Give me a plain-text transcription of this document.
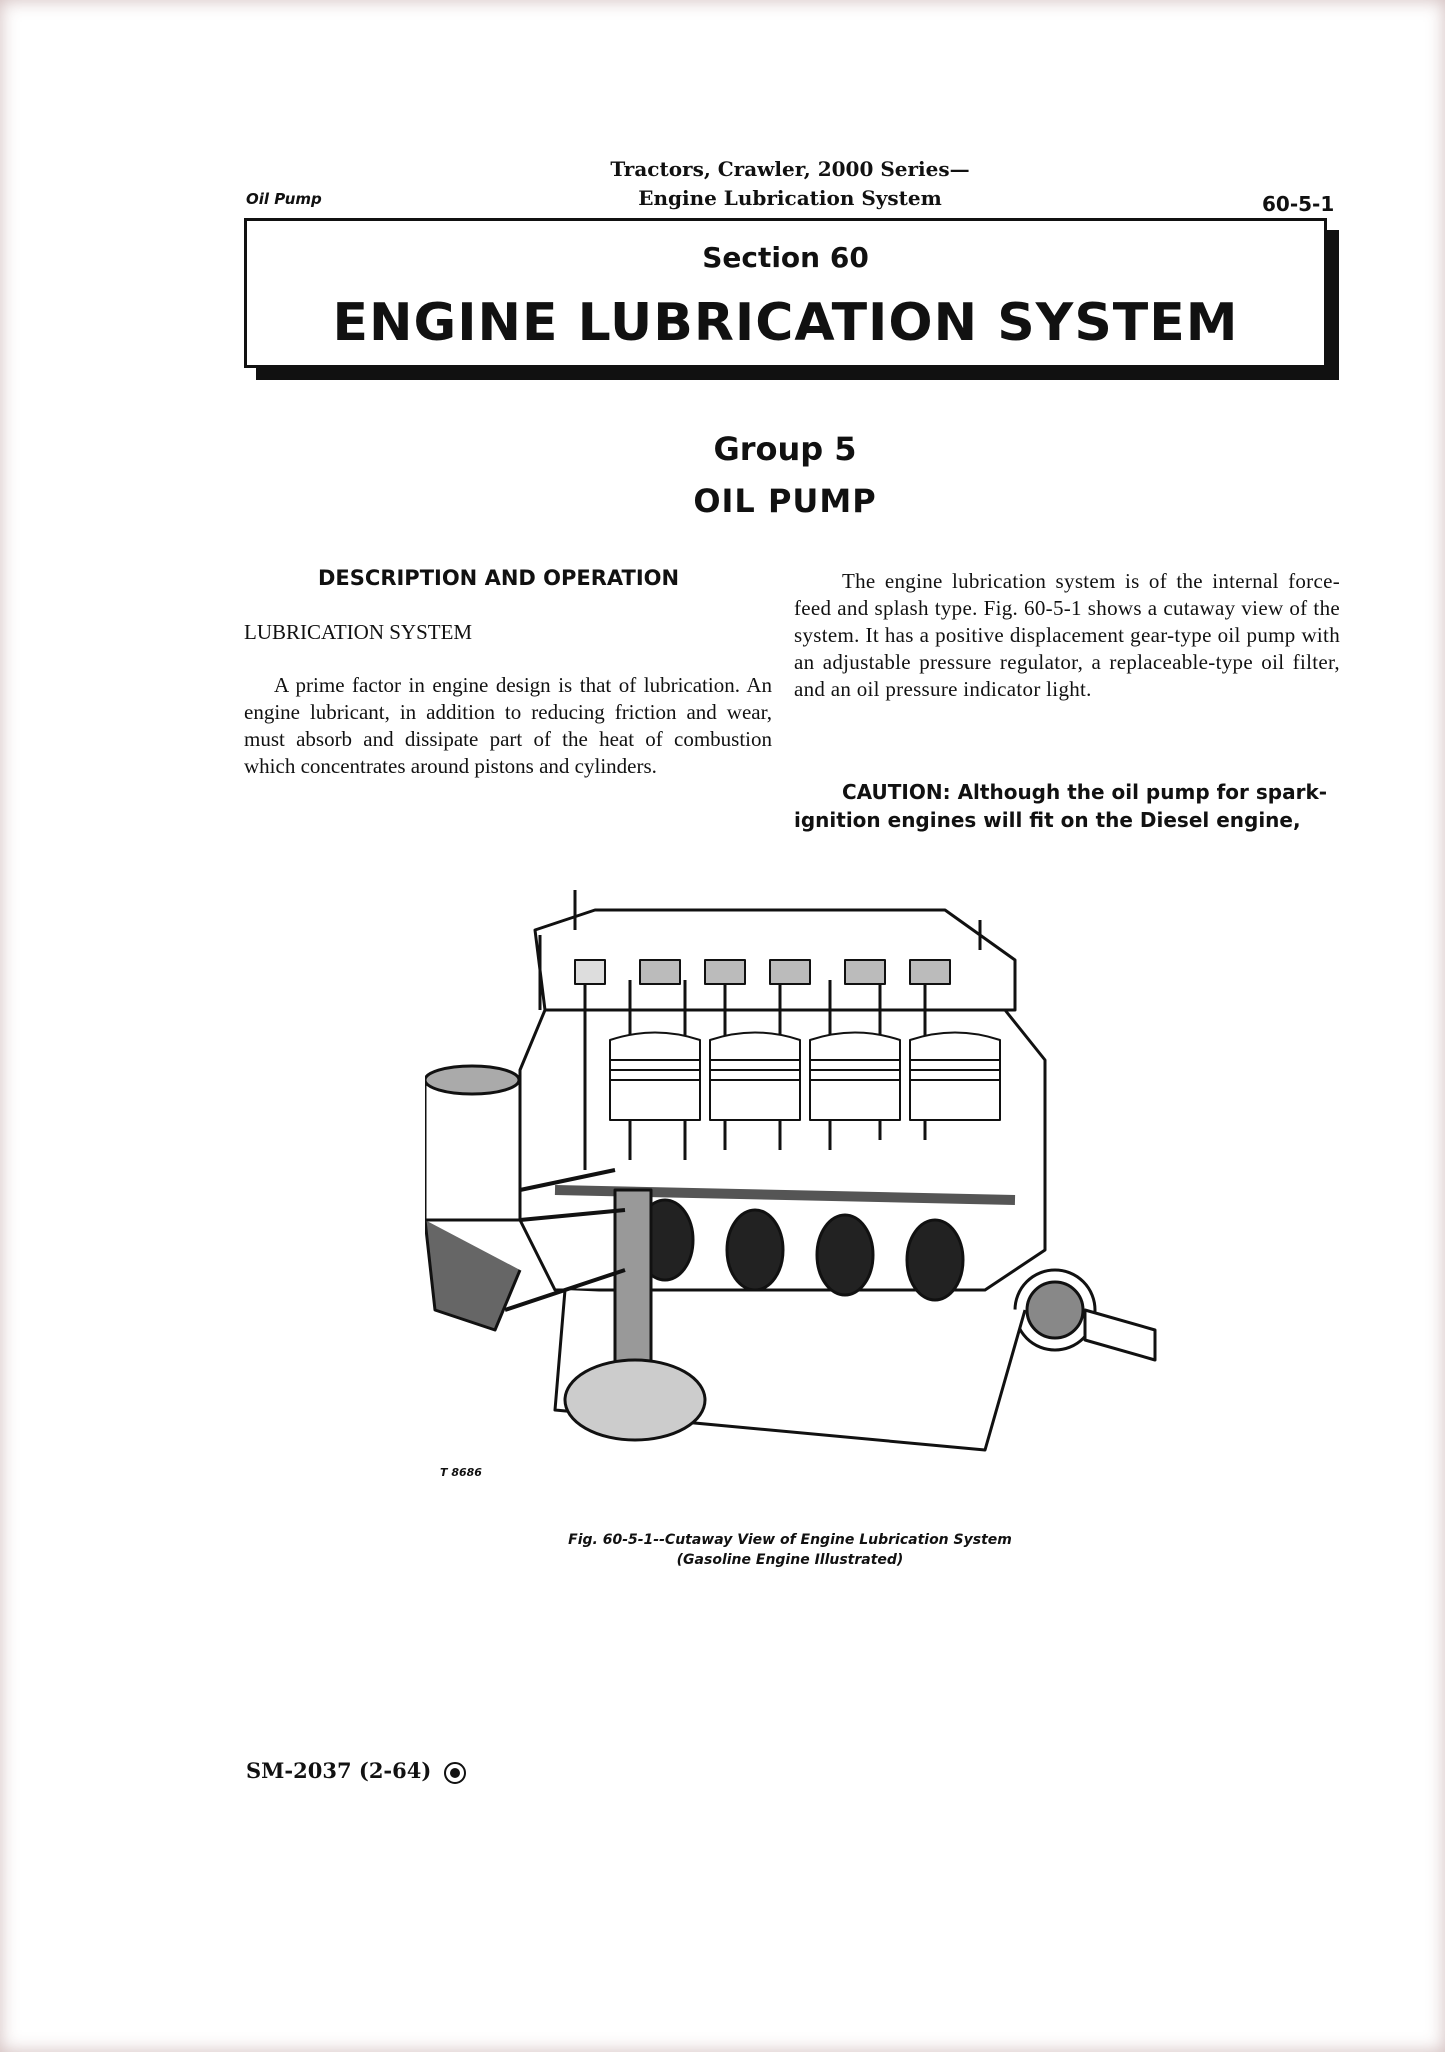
Oil Pump
Tractors, Crawler, 2000 Series—
Engine Lubrication System	60-5-1
Section 60
ENGINE LUBRICATION SYSTEM
Group 5
OIL PUMP
DESCRIPTION AND OPERATION
LUBRICATION SYSTEM

A prime factor in engine design is that of lubrication. An engine lubricant, in addition to reducing friction and wear, must absorb and dissipate part of the heat of combustion which concentrates around pistons and cylinders.

The engine lubrication system is of the internal force-feed and splash type. Fig. 60-5-1 shows a cutaway view of the system. It has a positive displacement gear-type oil pump with an adjustable pressure regulator, a replaceable-type oil filter, and an oil pressure indicator light.

CAUTION: Although the oil pump for spark-ignition engines will fit on the Diesel engine,

T 8686
Fig. 60-5-1--Cutaway View of Engine Lubrication System
(Gasoline Engine Illustrated)
SM-2037 (2-64)
